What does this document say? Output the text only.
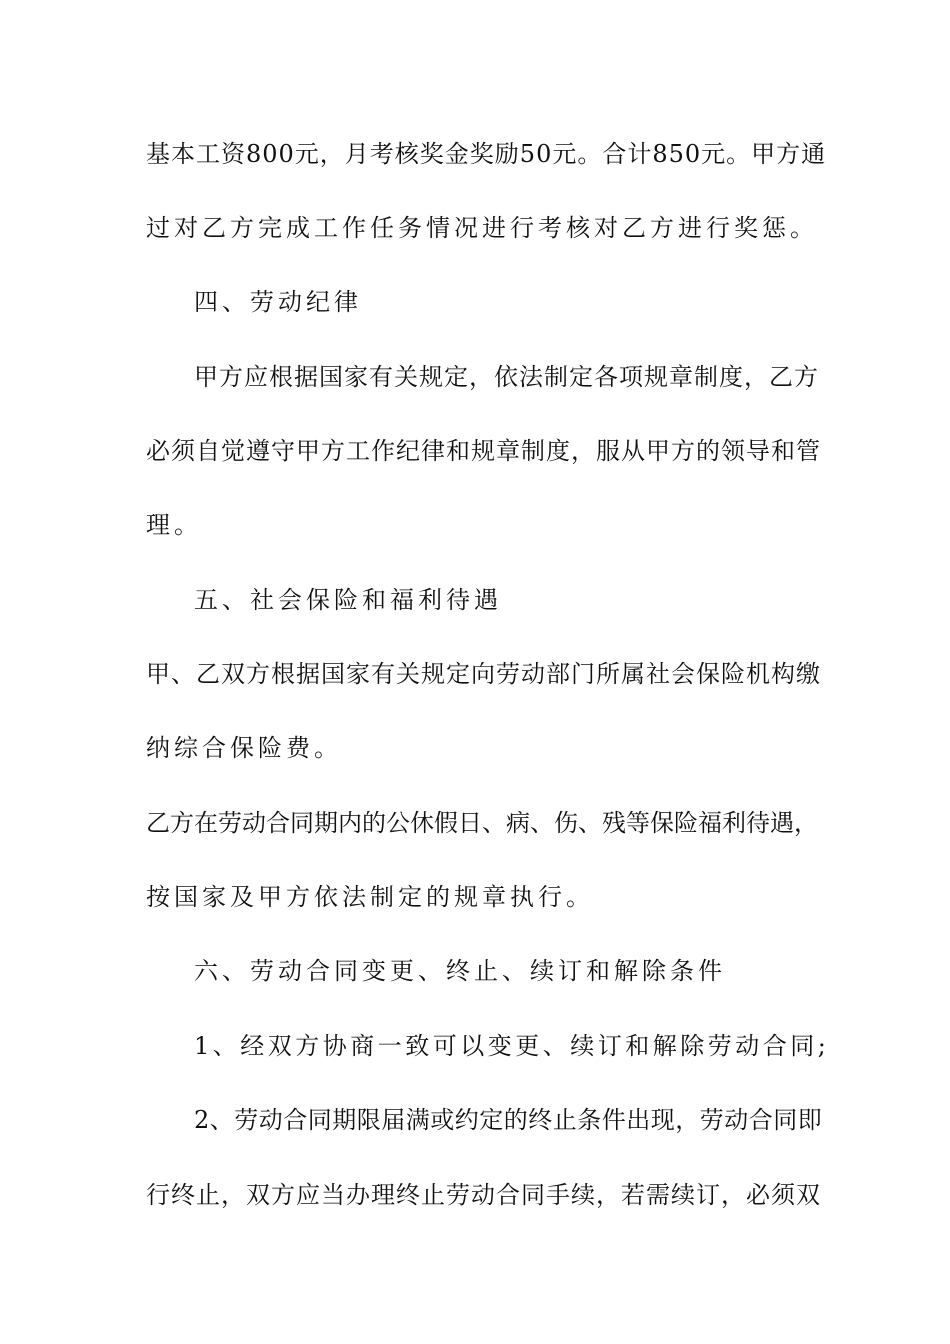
基本工资800元，月考核奖金奖励50元。合计850元。甲方通
过对乙方完成工作任务情况进行考核对乙方进行奖惩。
四、劳动纪律
甲方应根据国家有关规定，依法制定各项规章制度，乙方
必须自觉遵守甲方工作纪律和规章制度，服从甲方的领导和管
理。
五、社会保险和福利待遇
甲、乙双方根据国家有关规定向劳动部门所属社会保险机构缴
纳综合保险费。
乙方在劳动合同期内的公休假日、病、伤、残等保险福利待遇，
按国家及甲方依法制定的规章执行。
六、劳动合同变更、终止、续订和解除条件
1、经双方协商一致可以变更、续订和解除劳动合同;
2、劳动合同期限届满或约定的终止条件出现，劳动合同即
行终止，双方应当办理终止劳动合同手续，若需续订，必须双
